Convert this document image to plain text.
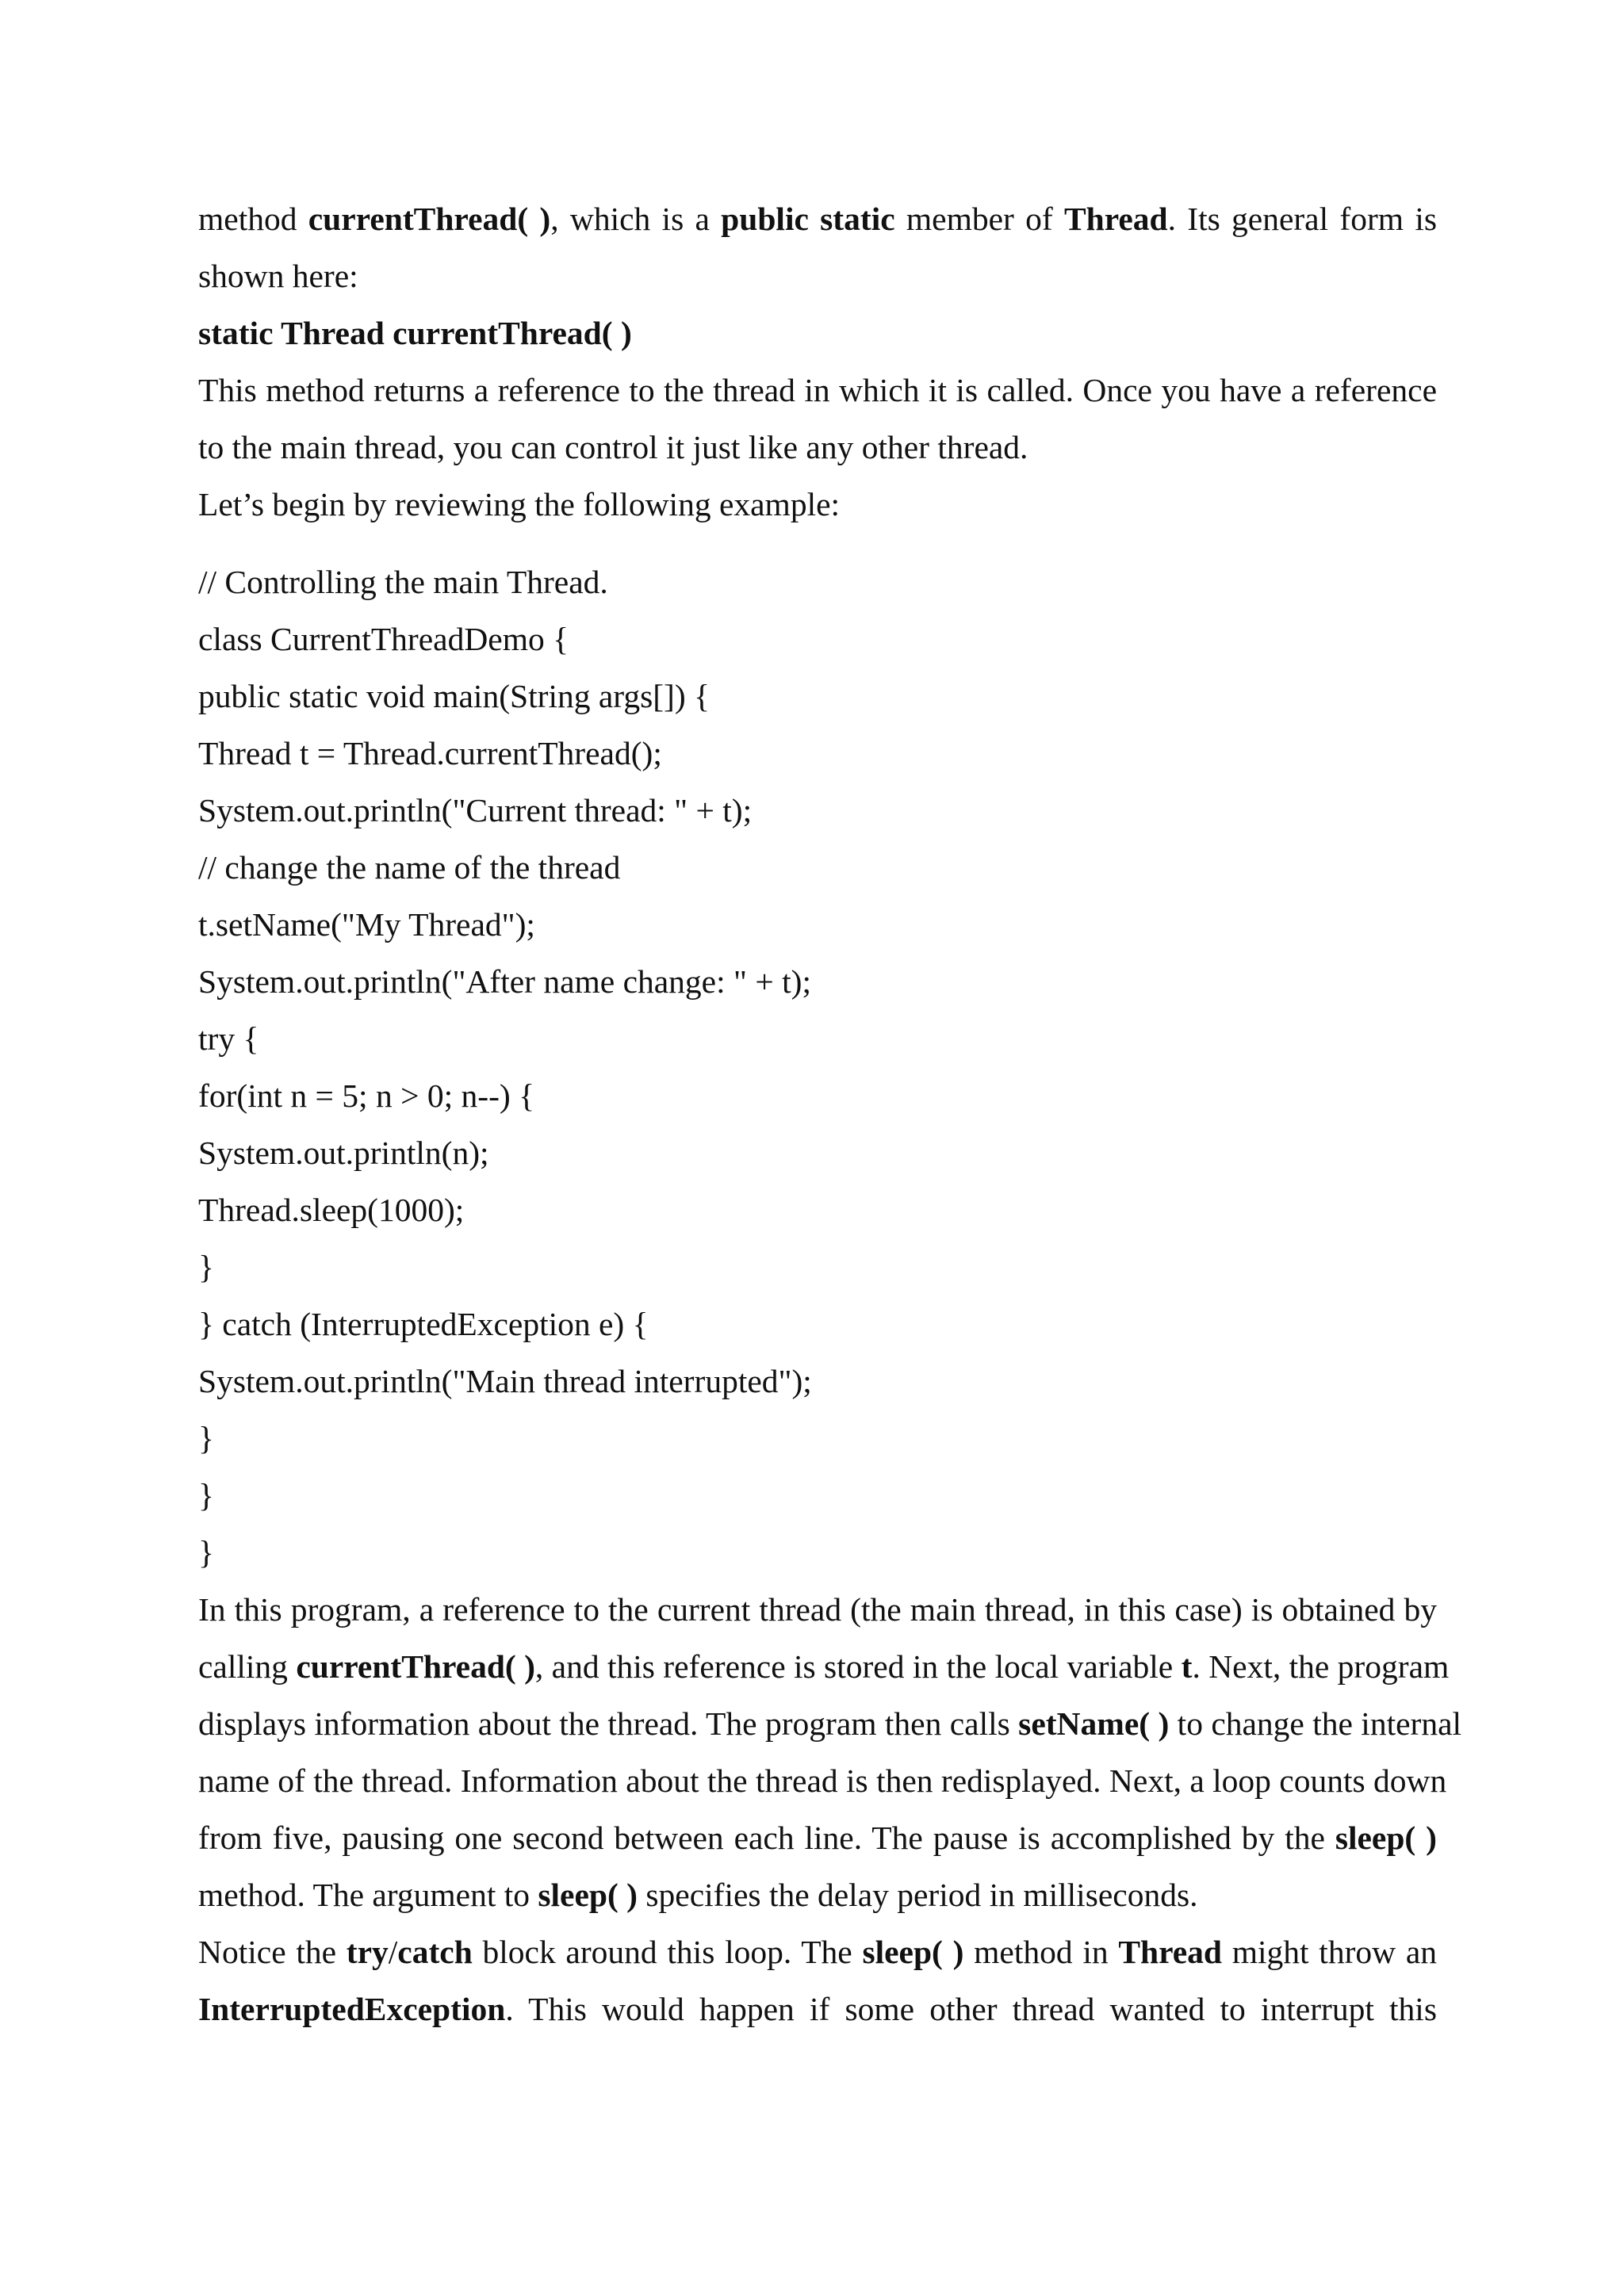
method currentThread( ), which is a public static member of Thread. Its general form is
shown here:
static Thread currentThread( )
This method returns a reference to the thread in which it is called. Once you have a reference
to the main thread, you can control it just like any other thread.
Let’s begin by reviewing the following example:
// Controlling the main Thread.
class CurrentThreadDemo {
public static void main(String args[]) {
Thread t = Thread.currentThread();
System.out.println("Current thread: " + t);
// change the name of the thread
t.setName("My Thread");
System.out.println("After name change: " + t);
try {
for(int n = 5; n > 0; n--) {
System.out.println(n);
Thread.sleep(1000);
}
} catch (InterruptedException e) {
System.out.println("Main thread interrupted");
}
}
}
In this program, a reference to the current thread (the main thread, in this case) is obtained by
calling currentThread( ), and this reference is stored in the local variable t. Next, the program
displays information about the thread. The program then calls setName( ) to change the internal
name of the thread. Information about the thread is then redisplayed. Next, a loop counts down
from five, pausing one second between each line. The pause is accomplished by the sleep( )
method. The argument to sleep( ) specifies the delay period in milliseconds.
Notice the try/catch block around this loop. The sleep( ) method in Thread might throw an
InterruptedException. This would happen if some other thread wanted to interrupt this
